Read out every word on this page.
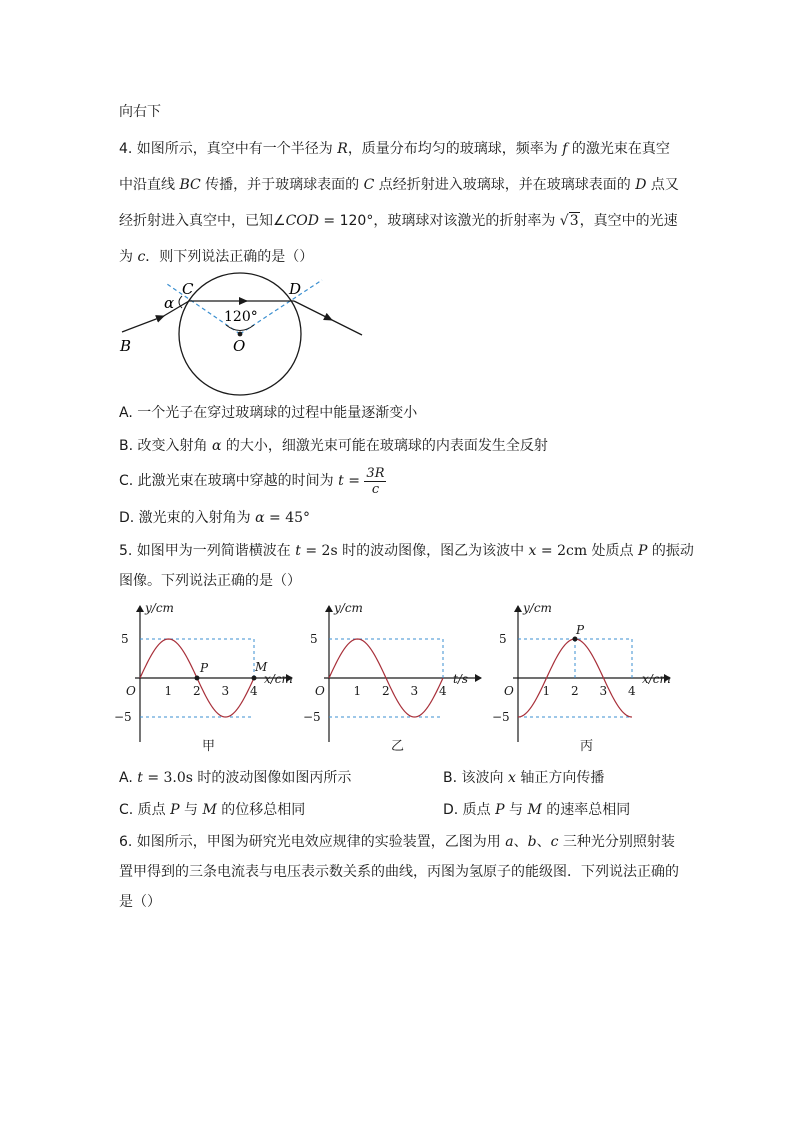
向右下
4. 如图所示，真空中有一个半径为 R，质量分布均匀的玻璃球，频率为 f 的激光束在真空
中沿直线 BC 传播，并于玻璃球表面的 C 点经折射进入玻璃球，并在玻璃球表面的 D 点又
经折射进入真空中，已知∠COD = 120°，玻璃球对该激光的折射率为 √3，真空中的光速
为 c．则下列说法正确的是（）
C	D
α
120°
O
B
A. 一个光子在穿过玻璃球的过程中能量逐渐变小
B. 改变入射角 α 的大小，细激光束可能在玻璃球的内表面发生全反射
C. 此激光束在玻璃中穿越的时间为 $t = \frac{3R}{c}$
D. 激光束的入射角为 α = 45°
5. 如图甲为一列简谐横波在 t = 2s 时的波动图像，图乙为该波中 x = 2cm 处质点 P 的振动
图像。下列说法正确的是（）
y/cm
x/cm
5
−5
O 1 2 3 4
P	M
y/cm
t/s
5
−5
O 1 2 3 4
y/cm
x/cm
5
−5
O 1 2 3 4
P
甲	乙	丙
A. t = 3.0s 时的波动图像如图丙所示	B. 该波向 x 轴正方向传播
C. 质点 P 与 M 的位移总相同	D. 质点 P 与 M 的速率总相同
6. 如图所示，甲图为研究光电效应规律的实验装置，乙图为用 a、b、c 三种光分别照射装
置甲得到的三条电流表与电压表示数关系的曲线，丙图为氢原子的能级图．下列说法正确的
是（）
